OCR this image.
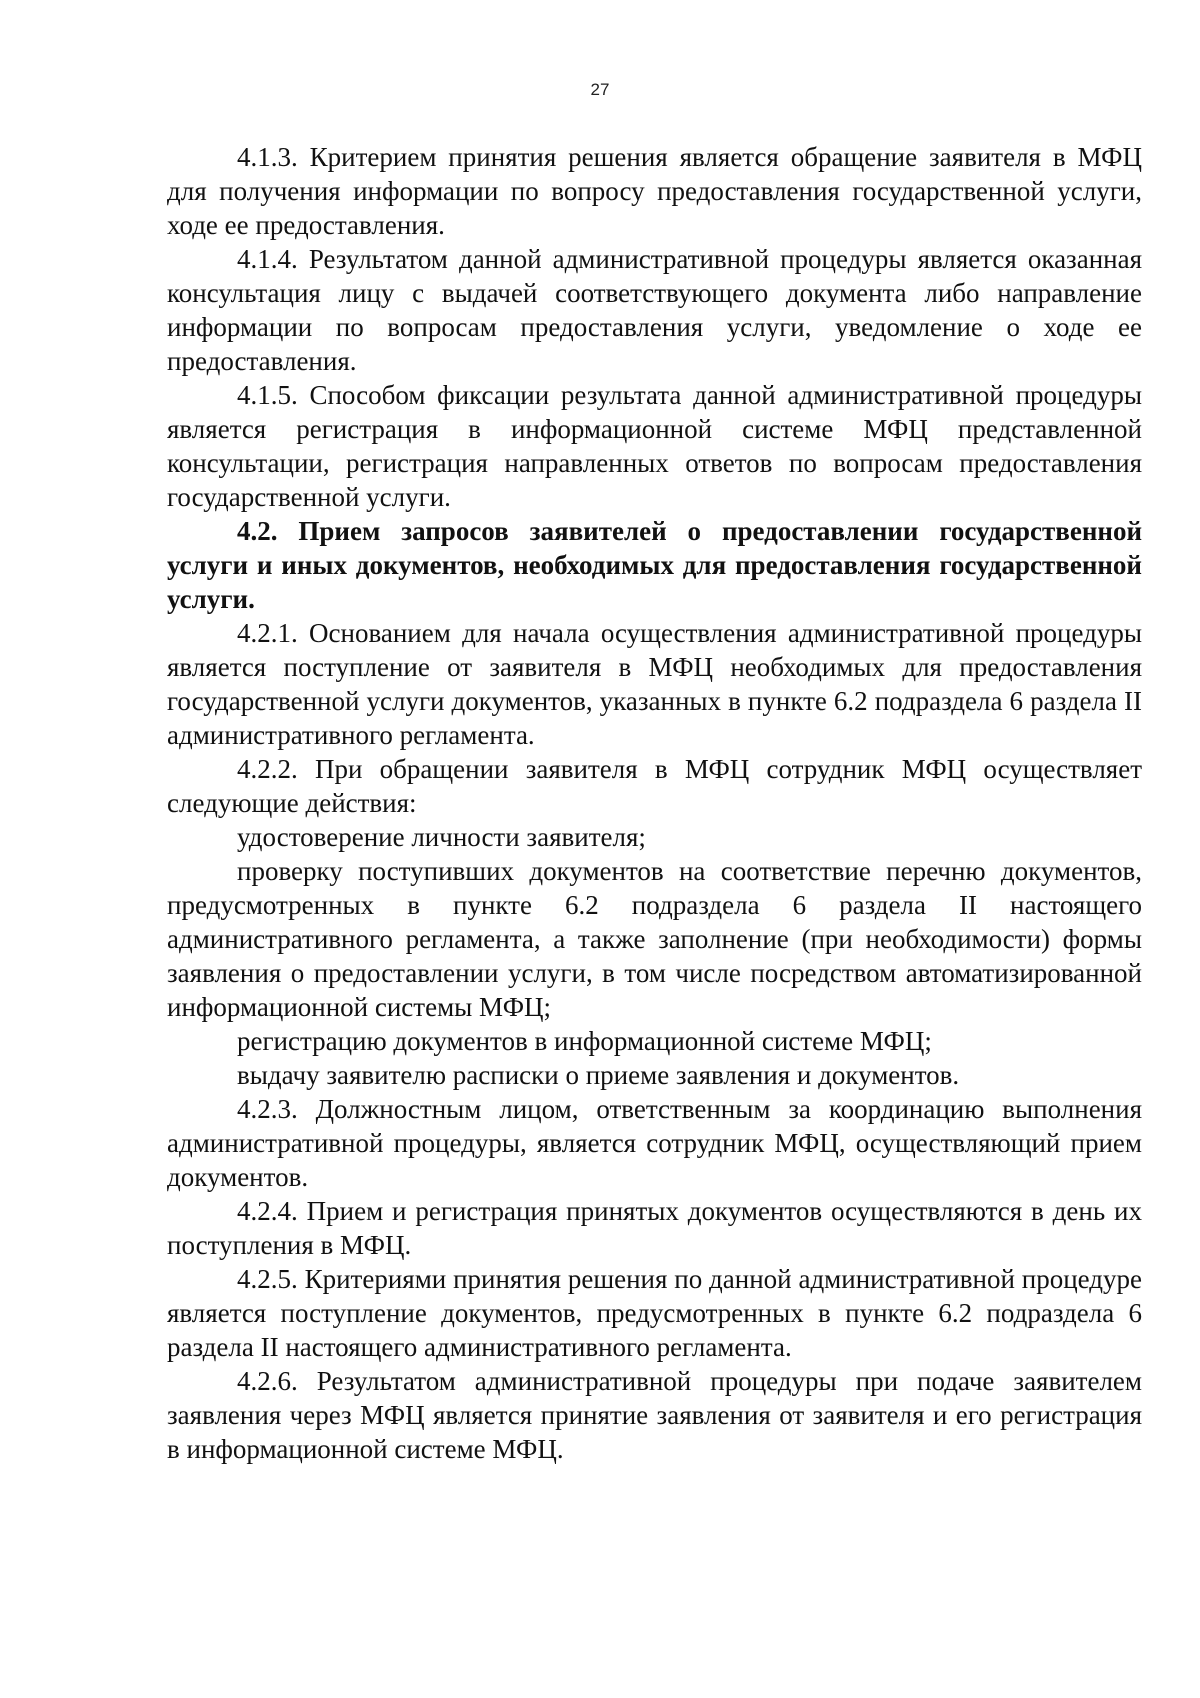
27

4.1.3. Критерием принятия решения является обращение заявителя в МФЦ для получения информации по вопросу предоставления государственной услуги, ходе ее предоставления.

4.1.4. Результатом данной административной процедуры является оказанная консультация лицу с выдачей соответствующего документа либо направление информации по вопросам предоставления услуги, уведомление о ходе ее предоставления.

4.1.5. Способом фиксации результата данной административной процедуры является регистрация в информационной системе МФЦ представленной консультации, регистрация направленных ответов по вопросам предоставления государственной услуги.

4.2. Прием запросов заявителей о предоставлении государственной услуги и иных документов, необходимых для предоставления государственной услуги.

4.2.1. Основанием для начала осуществления административной процедуры является поступление от заявителя в МФЦ необходимых для предоставления государственной услуги документов, указанных в пункте 6.2 подраздела 6 раздела II административного регламента.

4.2.2. При обращении заявителя в МФЦ сотрудник МФЦ осуществляет следующие действия:

удостоверение личности заявителя;

проверку поступивших документов на соответствие перечню документов, предусмотренных в пункте 6.2 подраздела 6 раздела II настоящего административного регламента, а также заполнение (при необходимости) формы заявления о предоставлении услуги, в том числе посредством автоматизированной информационной системы МФЦ;

регистрацию документов в информационной системе МФЦ;

выдачу заявителю расписки о приеме заявления и документов.

4.2.3. Должностным лицом, ответственным за координацию выполнения административной процедуры, является сотрудник МФЦ, осуществляющий прием документов.

4.2.4. Прием и регистрация принятых документов осуществляются в день их поступления в МФЦ.

4.2.5. Критериями принятия решения по данной административной процедуре является поступление документов, предусмотренных в пункте 6.2 подраздела 6 раздела II настоящего административного регламента.

4.2.6. Результатом административной процедуры при подаче заявителем заявления через МФЦ является принятие заявления от заявителя и его регистрация в информационной системе МФЦ.
